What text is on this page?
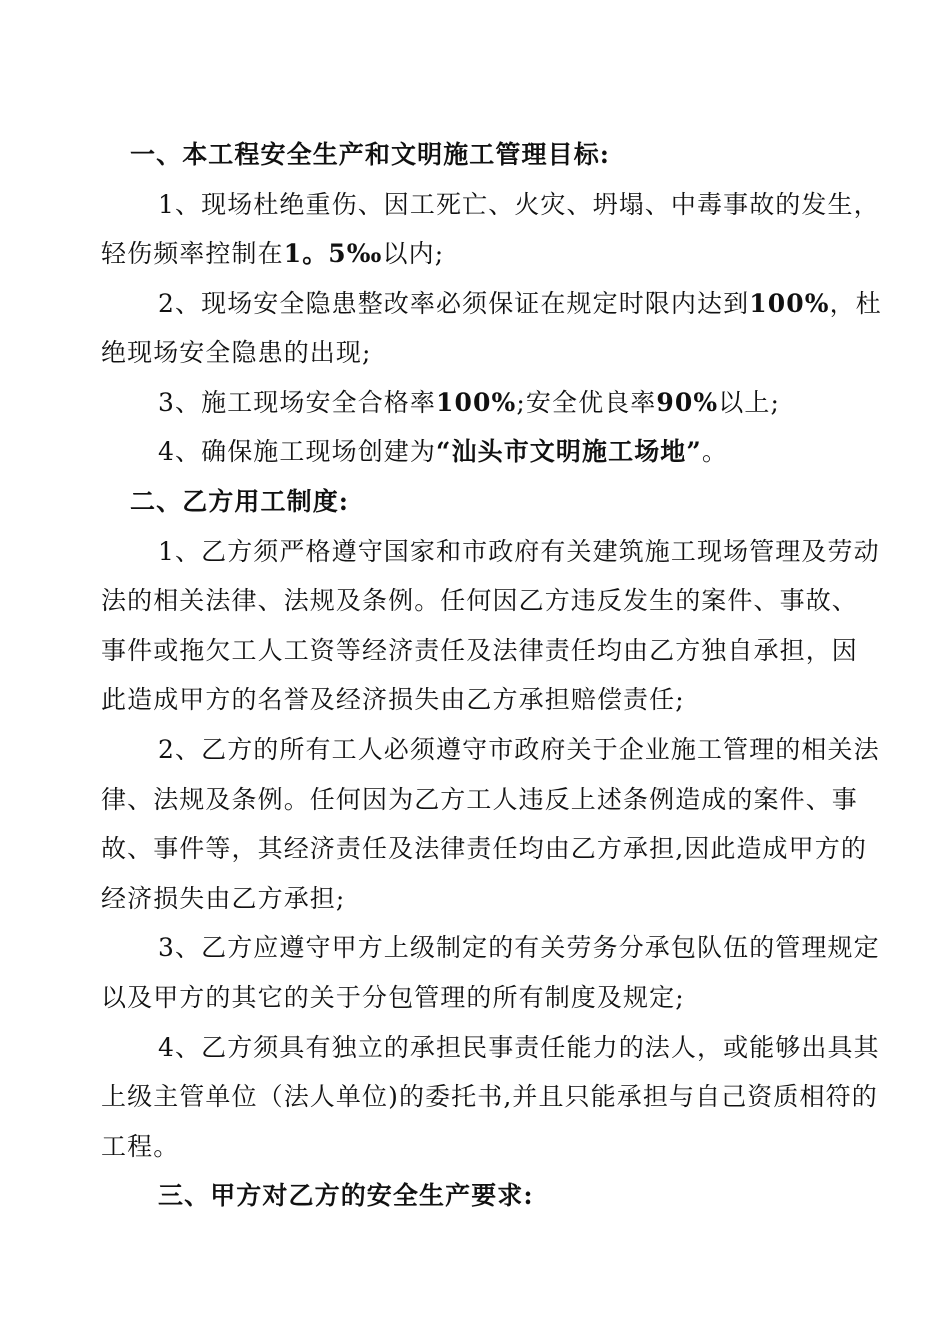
一、本工程安全生产和文明施工管理目标:
1、现场杜绝重伤、因工死亡、火灾、坍塌、中毒事故的发生，
轻伤频率控制在1。5‰以内;
2、现场安全隐患整改率必须保证在规定时限内达到100%，杜
绝现场安全隐患的出现;
3、施工现场安全合格率100%;安全优良率90%以上;
4、确保施工现场创建为“汕头市文明施工场地”。
二、乙方用工制度:
1、乙方须严格遵守国家和市政府有关建筑施工现场管理及劳动
法的相关法律、法规及条例。任何因乙方违反发生的案件、事故、
事件或拖欠工人工资等经济责任及法律责任均由乙方独自承担，因
此造成甲方的名誉及经济损失由乙方承担赔偿责任;
2、乙方的所有工人必须遵守市政府关于企业施工管理的相关法
律、法规及条例。任何因为乙方工人违反上述条例造成的案件、事
故、事件等，其经济责任及法律责任均由乙方承担,因此造成甲方的
经济损失由乙方承担;
3、乙方应遵守甲方上级制定的有关劳务分承包队伍的管理规定
以及甲方的其它的关于分包管理的所有制度及规定;
4、乙方须具有独立的承担民事责任能力的法人，或能够出具其
上级主管单位（法人单位)的委托书,并且只能承担与自己资质相符的
工程。
三、甲方对乙方的安全生产要求:
